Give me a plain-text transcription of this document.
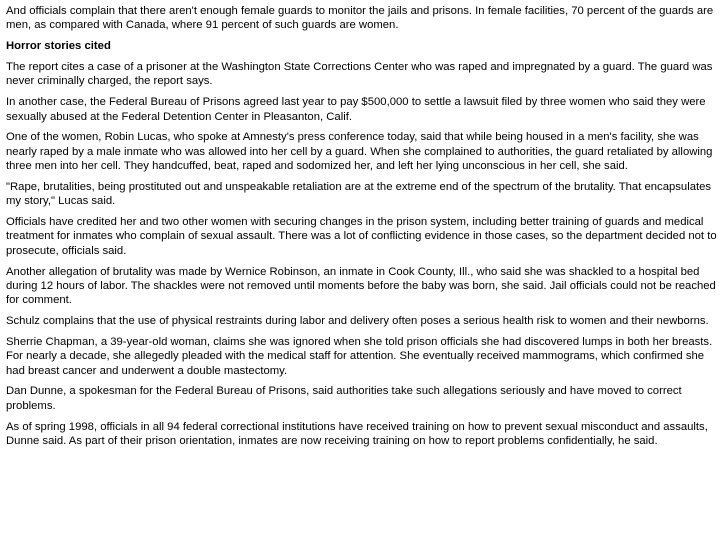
And officials complain that there aren't enough female guards to monitor the jails and prisons. In female facilities, 70 percent of the guards are men, as compared with Canada, where 91 percent of such guards are women.

Horror stories cited

The report cites a case of a prisoner at the Washington State Corrections Center who was raped and impregnated by a guard. The guard was never criminally charged, the report says.

In another case, the Federal Bureau of Prisons agreed last year to pay $500,000 to settle a lawsuit filed by three women who said they were sexually abused at the Federal Detention Center in Pleasanton, Calif.

One of the women, Robin Lucas, who spoke at Amnesty's press conference today, said that while being housed in a men's facility, she was nearly raped by a male inmate who was allowed into her cell by a guard. When she complained to authorities, the guard retaliated by allowing three men into her cell. They handcuffed, beat, raped and sodomized her, and left her lying unconscious in her cell, she said.

"Rape, brutalities, being prostituted out and unspeakable retaliation are at the extreme end of the spectrum of the brutality. That encapsulates my story," Lucas said.

Officials have credited her and two other women with securing changes in the prison system, including better training of guards and medical treatment for inmates who complain of sexual assault. There was a lot of conflicting evidence in those cases, so the department decided not to prosecute, officials said.

Another allegation of brutality was made by Wernice Robinson, an inmate in Cook County, Ill., who said she was shackled to a hospital bed during 12 hours of labor. The shackles were not removed until moments before the baby was born, she said. Jail officials could not be reached for comment.

Schulz complains that the use of physical restraints during labor and delivery often poses a serious health risk to women and their newborns.

Sherrie Chapman, a 39-year-old woman, claims she was ignored when she told prison officials she had discovered lumps in both her breasts. For nearly a decade, she allegedly pleaded with the medical staff for attention. She eventually received mammograms, which confirmed she had breast cancer and underwent a double mastectomy.

Dan Dunne, a spokesman for the Federal Bureau of Prisons, said authorities take such allegations seriously and have moved to correct problems.

As of spring 1998, officials in all 94 federal correctional institutions have received training on how to prevent sexual misconduct and assaults, Dunne said. As part of their prison orientation, inmates are now receiving training on how to report problems confidentially, he said.
